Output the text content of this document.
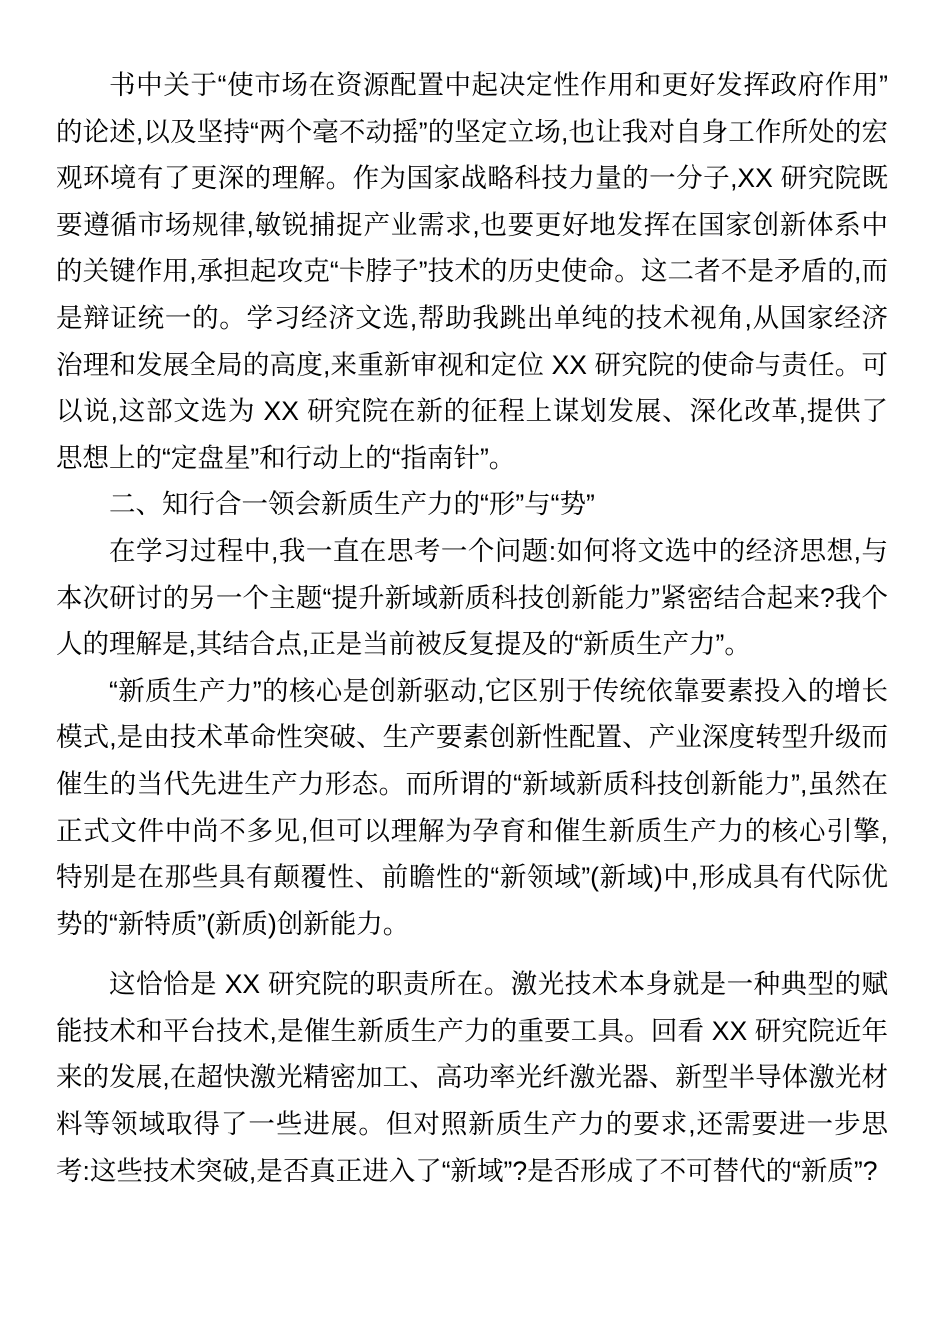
书中关于“使市场在资源配置中起决定性作用和更好发挥政府作用”的论述,以及坚持“两个毫不动摇”的坚定立场,也让我对自身工作所处的宏观环境有了更深的理解。作为国家战略科技力量的一分子,XX 研究院既要遵循市场规律,敏锐捕捉产业需求,也要更好地发挥在国家创新体系中的关键作用,承担起攻克“卡脖子”技术的历史使命。这二者不是矛盾的,而是辩证统一的。学习经济文选,帮助我跳出单纯的技术视角,从国家经济治理和发展全局的高度,来重新审视和定位 XX 研究院的使命与责任。可以说,这部文选为 XX 研究院在新的征程上谋划发展、深化改革,提供了思想上的“定盘星”和行动上的“指南针”。

二、知行合一领会新质生产力的“形”与“势”

在学习过程中,我一直在思考一个问题:如何将文选中的经济思想,与本次研讨的另一个主题“提升新域新质科技创新能力”紧密结合起来?我个人的理解是,其结合点,正是当前被反复提及的“新质生产力”。

“新质生产力”的核心是创新驱动,它区别于传统依靠要素投入的增长模式,是由技术革命性突破、生产要素创新性配置、产业深度转型升级而催生的当代先进生产力形态。而所谓的“新域新质科技创新能力”,虽然在正式文件中尚不多见,但可以理解为孕育和催生新质生产力的核心引擎,特别是在那些具有颠覆性、前瞻性的“新领域”(新域)中,形成具有代际优势的“新特质”(新质)创新能力。

这恰恰是 XX 研究院的职责所在。激光技术本身就是一种典型的赋能技术和平台技术,是催生新质生产力的重要工具。回看 XX 研究院近年来的发展,在超快激光精密加工、高功率光纤激光器、新型半导体激光材料等领域取得了一些进展。但对照新质生产力的要求,还需要进一步思考:这些技术突破,是否真正进入了“新域”?是否形成了不可替代的“新质”?
